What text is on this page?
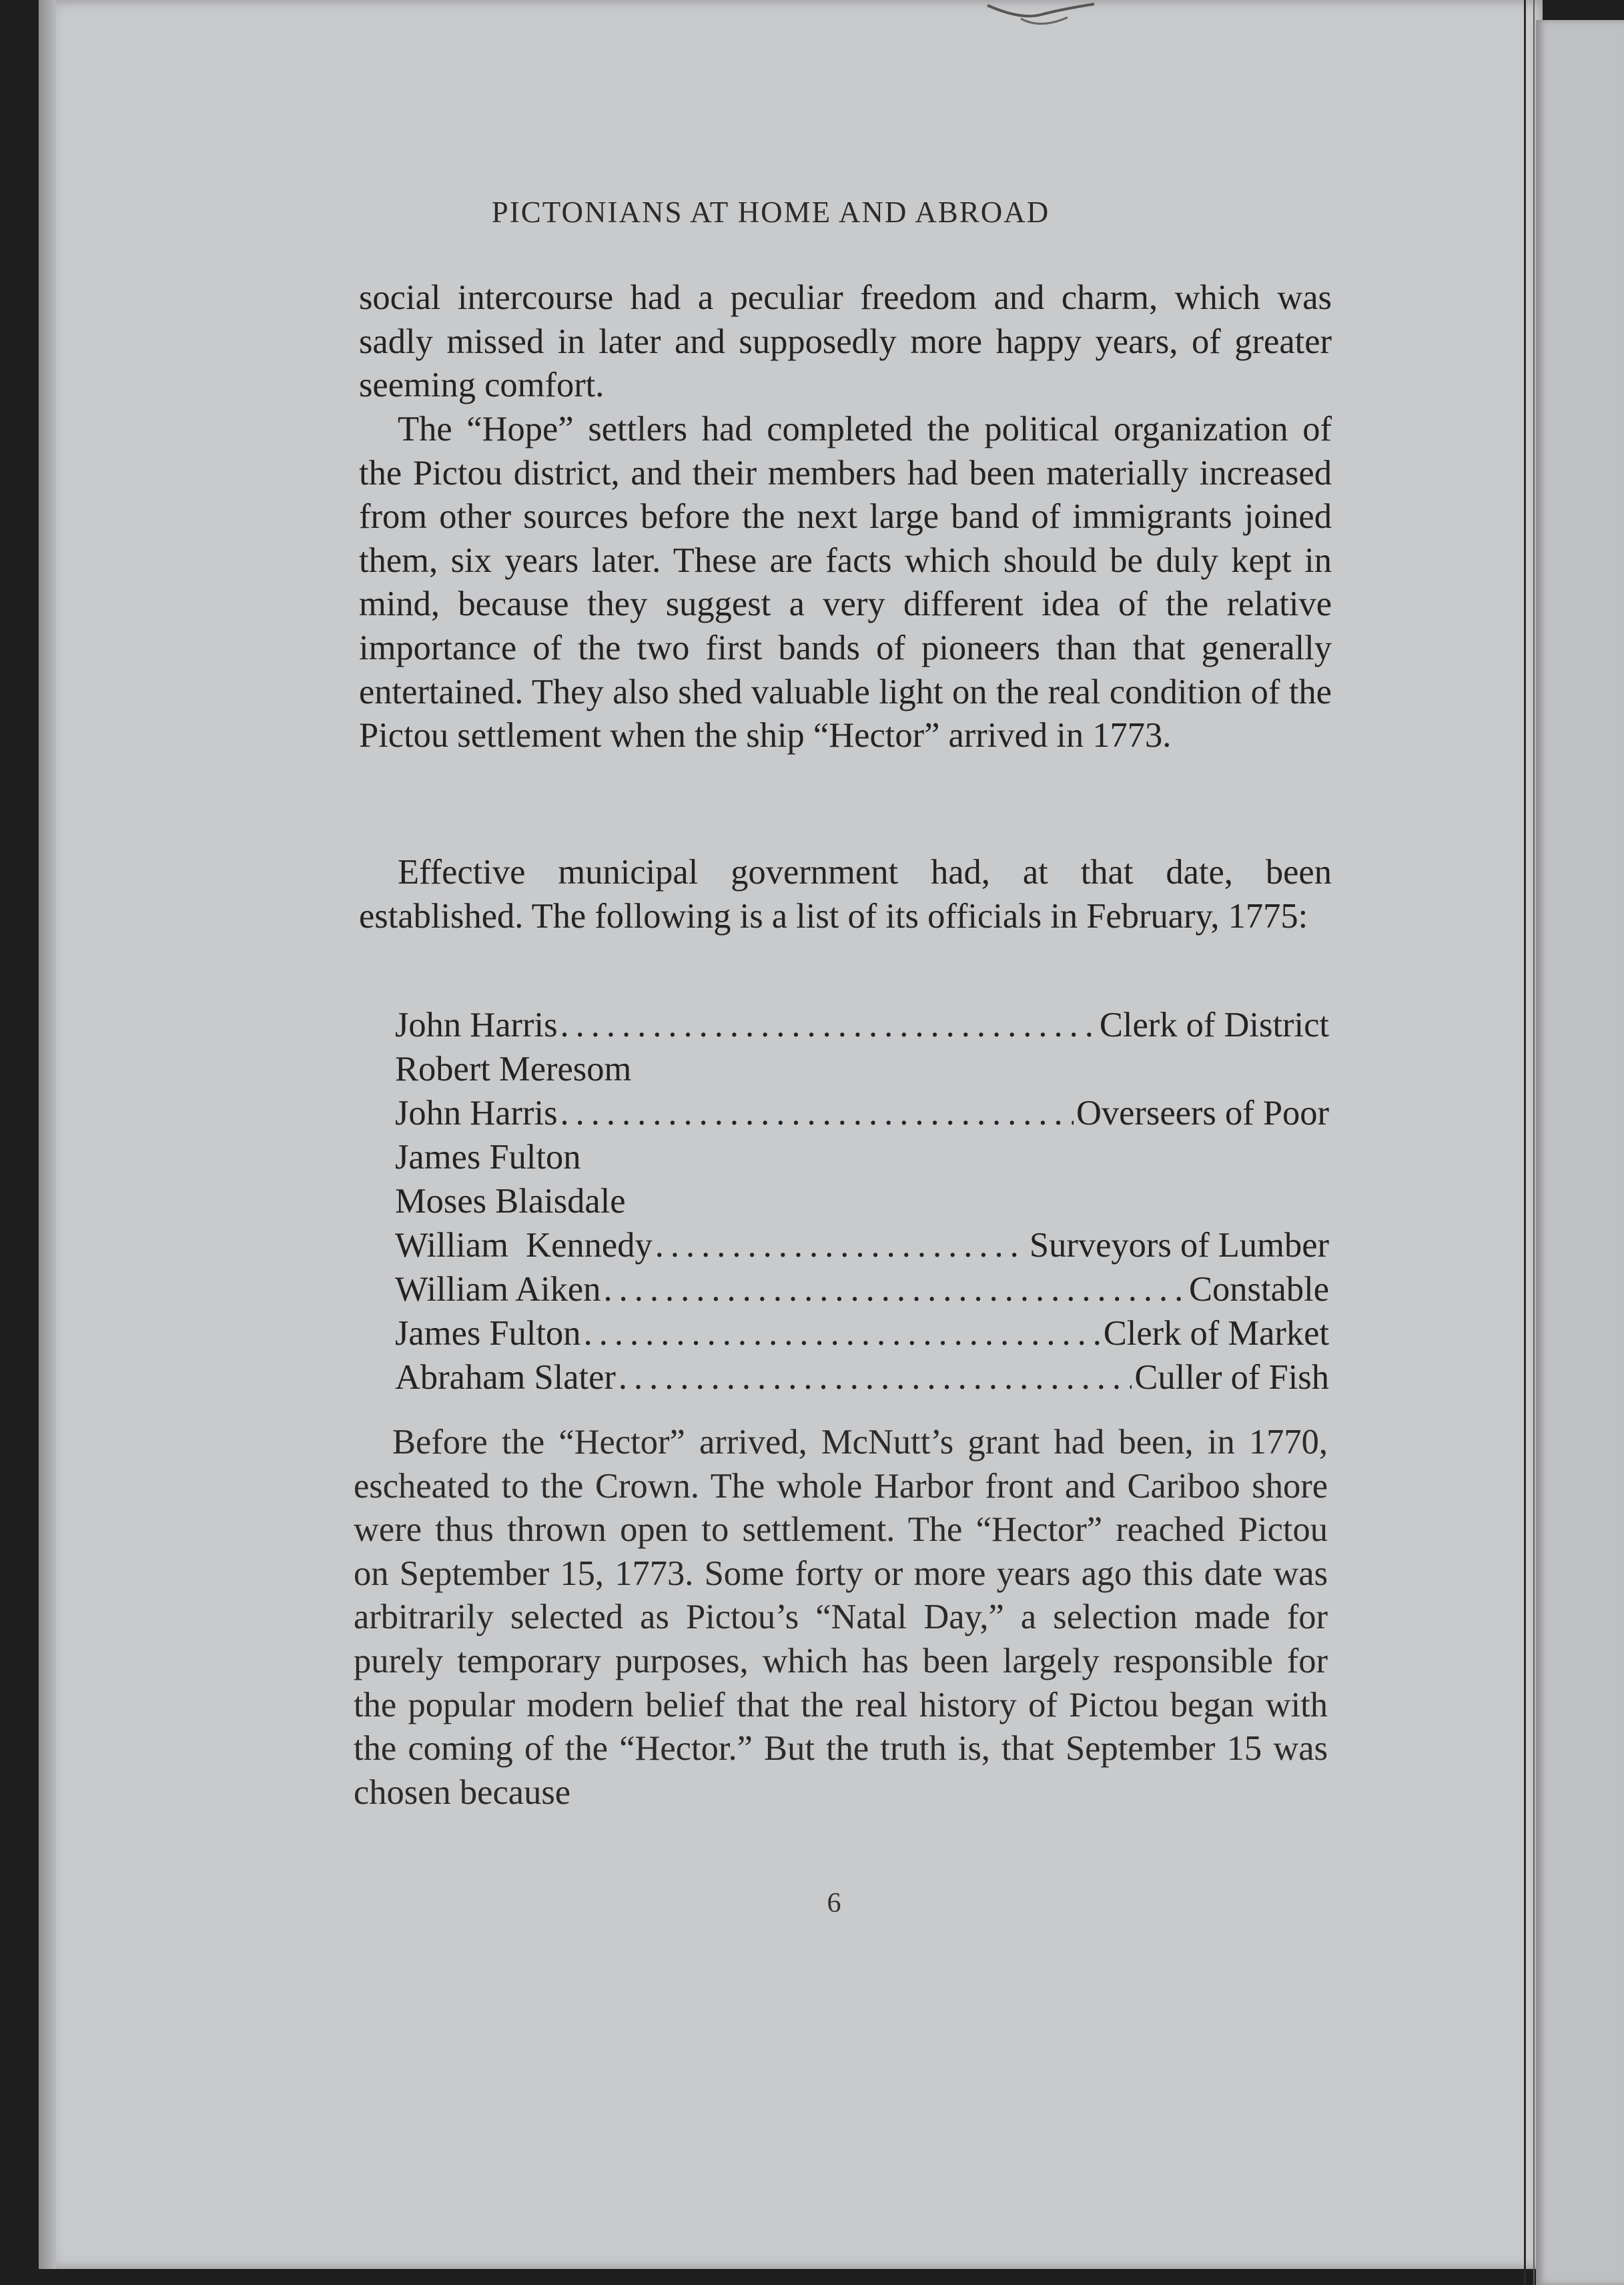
PICTONIANS AT HOME AND ABROAD

social intercourse had a peculiar freedom and charm, which was sadly missed in later and supposedly more happy years, of greater seeming comfort.

The “Hope” settlers had completed the political organization of the Pictou district, and their members had been materially increased from other sources before the next large band of immigrants joined them, six years later. These are facts which should be duly kept in mind, because they suggest a very different idea of the relative importance of the two first bands of pioneers than that generally entertained. They also shed valuable light on the real condition of the Pictou settlement when the ship “Hector” arrived in 1773.

Effective municipal government had, at that date, been established. The following is a list of its officials in February, 1775:

John Harris .....	Clerk of District
Robert Meresom
John Harris .....	Overseers of Poor
James Fulton
Moses Blaisdale
William  Kennedy .....	Surveyors of Lumber
William Aiken .....	Constable
James Fulton .....	Clerk of Market
Abraham Slater .....	Culler of Fish

Before the “Hector” arrived, McNutt’s grant had been, in 1770, escheated to the Crown. The whole Harbor front and Cariboo shore were thus thrown open to settlement. The “Hector” reached Pictou on September 15, 1773. Some forty or more years ago this date was arbitrarily selected as Pictou’s “Natal Day,” a selection made for purely temporary purposes, which has been largely responsible for the popular modern belief that the real history of Pictou began with the coming of the “Hector.” But the truth is, that September 15 was chosen because

6
